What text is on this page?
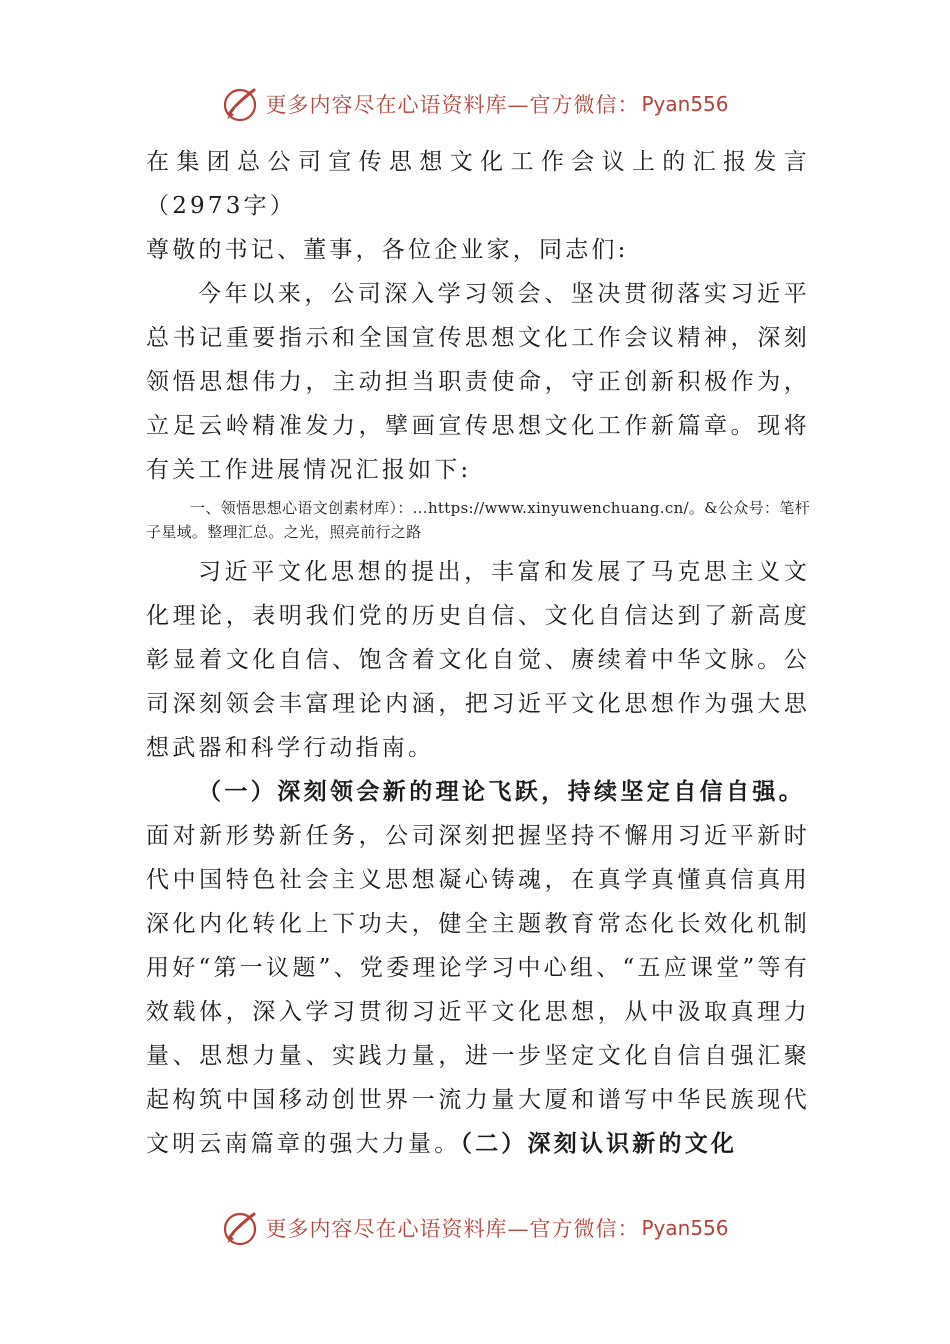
更多内容尽在心语资料库—官方微信： Pyan556

在集团总公司宣传思想文化工作会议上的汇报发言（2973字）

尊敬的书记、董事，各位企业家，同志们:

今年以来，公司深入学习领会、坚决贯彻落实习近平总书记重要指示和全国宣传思想文化工作会议精神，深刻领悟思想伟力，主动担当职责使命，守正创新积极作为，立足云岭精准发力，擘画宣传思想文化工作新篇章。现将有关工作进展情况汇报如下:

一、领悟思想心语文创素材库）：…https://www.xinyuwenchuang.cn/。&公众号：笔杆子星域。整理汇总。之光，照亮前行之路

习近平文化思想的提出，丰富和发展了马克思主义文化理论，表明我们党的历史自信、文化自信达到了新高度彰显着文化自信、饱含着文化自觉、赓续着中华文脉。公司深刻领会丰富理论内涵，把习近平文化思想作为强大思想武器和科学行动指南。

（一）深刻领会新的理论飞跃，持续坚定自信自强。

面对新形势新任务，公司深刻把握坚持不懈用习近平新时代中国特色社会主义思想凝心铸魂，在真学真懂真信真用深化内化转化上下功夫，健全主题教育常态化长效化机制用好“第一议题”、党委理论学习中心组、“五应课堂”等有效载体，深入学习贯彻习近平文化思想，从中汲取真理力量、思想力量、实践力量，进一步坚定文化自信自强汇聚起构筑中国移动创世界一流力量大厦和谱写中华民族现代文明云南篇章的强大力量。（二）深刻认识新的文化

更多内容尽在心语资料库—官方微信： Pyan556
